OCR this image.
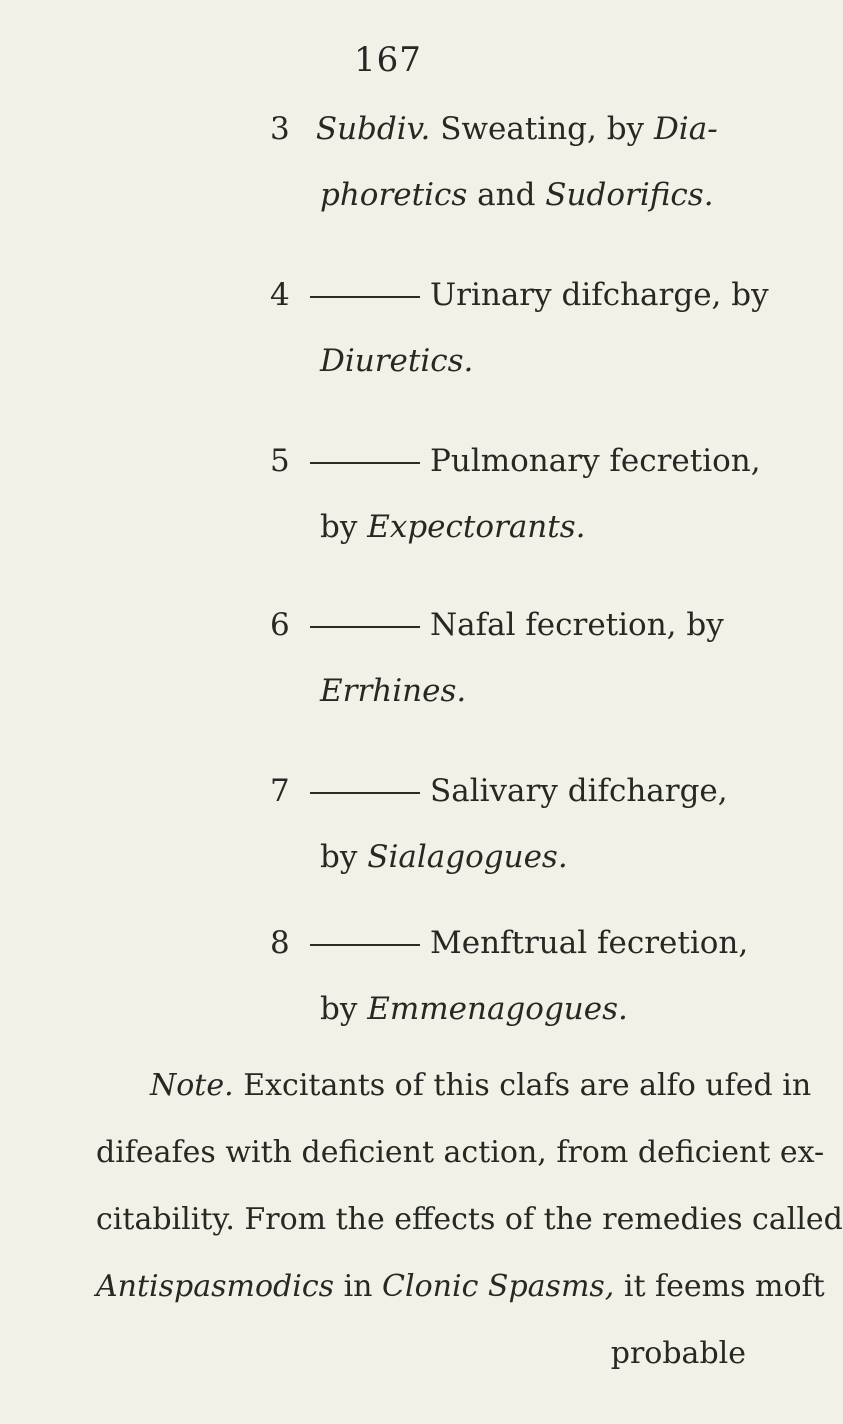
167
3 Subdiv. Sweating, by Dia-
phoretics and Sudorifics.
4	Urinary difcharge, by
Diuretics.
5	Pulmonary fecretion,
by Expectorants.
6	Nafal fecretion, by
Errhines.
7	Salivary difcharge,
by Sialagogues.
8	Menftrual fecretion,
by Emmenagogues.
Note. Excitants of this clafs are alfo ufed in
difeafes with deficient action, from deficient ex-
citability. From the effects of the remedies called
Antispasmodics in Clonic Spasms, it feems moft
probable
